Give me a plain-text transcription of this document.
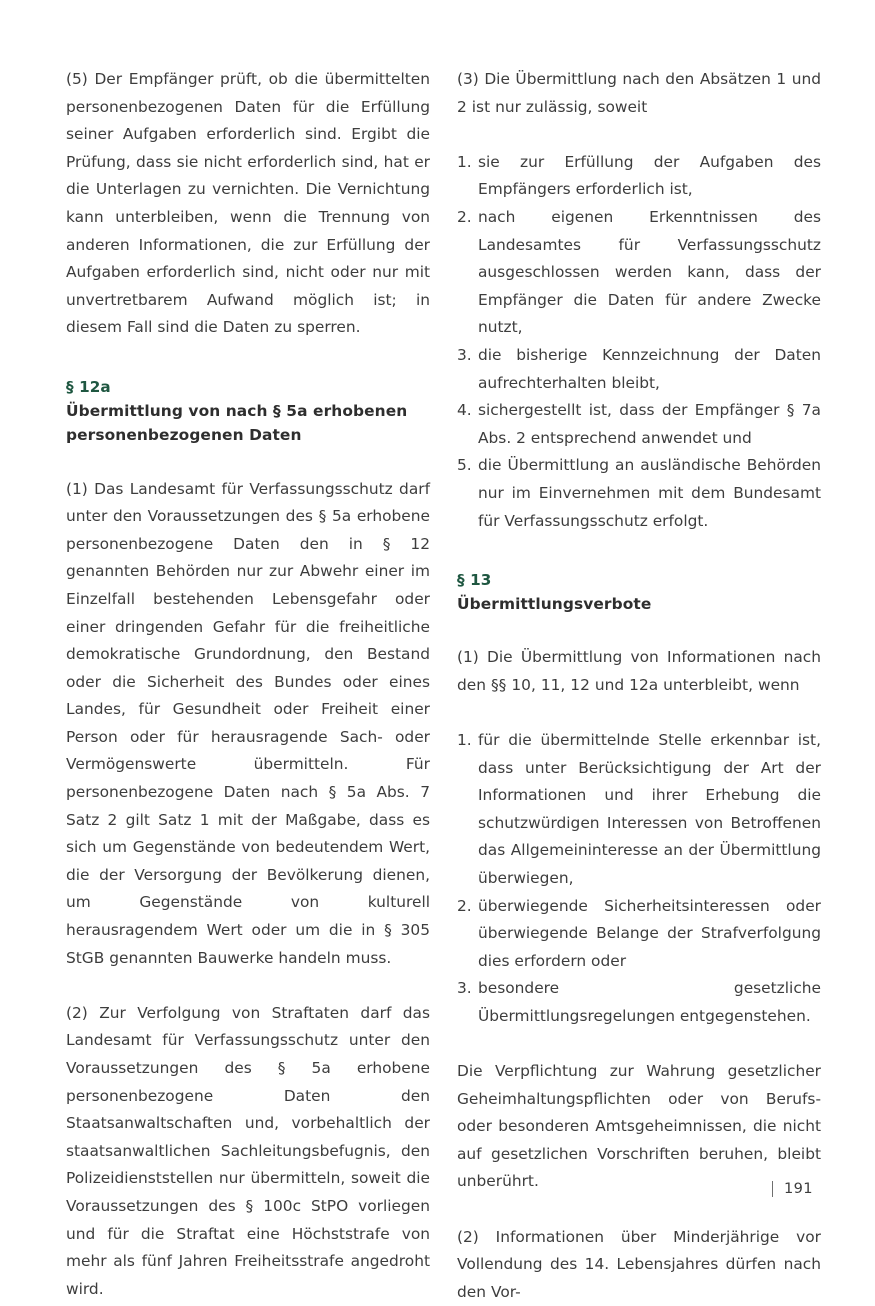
(5) Der Empfänger prüft, ob die übermittelten personenbezogenen Daten für die Erfüllung seiner Aufgaben erforderlich sind. Ergibt die Prüfung, dass sie nicht erforderlich sind, hat er die Unterlagen zu vernichten. Die Vernichtung kann unterbleiben, wenn die Trennung von anderen Informationen, die zur Erfüllung der Aufgaben erforderlich sind, nicht oder nur mit unvertretbarem Aufwand möglich ist; in diesem Fall sind die Daten zu sperren.

§ 12a
Übermittlung von nach § 5a erhobenen personenbezogenen Daten

(1) Das Landesamt für Verfassungsschutz darf unter den Voraussetzungen des § 5a erhobene personenbezogene Daten den in § 12 genannten Behörden nur zur Abwehr einer im Einzelfall bestehenden Lebensgefahr oder einer dringenden Gefahr für die freiheitliche demokratische Grundordnung, den Bestand oder die Sicherheit des Bundes oder eines Landes, für Gesundheit oder Freiheit einer Person oder für herausragende Sach- oder Vermögenswerte übermitteln. Für personenbezogene Daten nach § 5a Abs. 7 Satz 2 gilt Satz 1 mit der Maßgabe, dass es sich um Gegenstände von bedeutendem Wert, die der Versorgung der Bevölkerung dienen, um Gegenstände von kulturell herausragendem Wert oder um die in § 305 StGB genannten Bauwerke handeln muss.

(2) Zur Verfolgung von Straftaten darf das Landesamt für Verfassungsschutz unter den Voraussetzungen des § 5a erhobene personenbezogene Daten den Staatsanwaltschaften und, vorbehaltlich der staatsanwaltlichen Sachleitungsbefugnis, den Polizeidienststellen nur übermitteln, soweit die Voraussetzungen des § 100c StPO vorliegen und für die Straftat eine Höchststrafe von mehr als fünf Jahren Freiheitsstrafe angedroht wird.

(3) Die Übermittlung nach den Absätzen 1 und 2 ist nur zulässig, soweit

1. sie zur Erfüllung der Aufgaben des Empfängers erforderlich ist,
2. nach eigenen Erkenntnissen des Landesamtes für Verfassungsschutz ausgeschlossen werden kann, dass der Empfänger die Daten für andere Zwecke nutzt,
3. die bisherige Kennzeichnung der Daten aufrechterhalten bleibt,
4. sichergestellt ist, dass der Empfänger § 7a Abs. 2 entsprechend anwendet und
5. die Übermittlung an ausländische Behörden nur im Einvernehmen mit dem Bundesamt für Verfassungsschutz erfolgt.
§ 13
Übermittlungsverbote

(1) Die Übermittlung von Informationen nach den §§ 10, 11, 12 und 12a unterbleibt, wenn

1. für die übermittelnde Stelle erkennbar ist, dass unter Berücksichtigung der Art der Informationen und ihrer Erhebung die schutzwürdigen Interessen von Betroffenen das Allgemeininteresse an der Übermittlung überwiegen,
2. überwiegende Sicherheitsinteressen oder überwiegende Belange der Strafverfolgung dies erfordern oder
3. besondere gesetzliche Übermittlungsregelungen entgegenstehen.

Die Verpflichtung zur Wahrung gesetzlicher Geheimhaltungspflichten oder von Berufs- oder besonderen Amtsgeheimnissen, die nicht auf gesetzlichen Vorschriften beruhen, bleibt unberührt.

(2) Informationen über Minderjährige vor Vollendung des 14. Lebensjahres dürfen nach den Vor-

191
